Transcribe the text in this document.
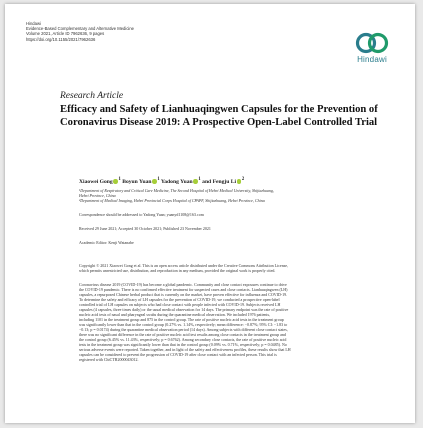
Hindawi
Evidence-Based Complementary and Alternative Medicine
Volume 2021, Article ID 7962636, 9 pages
https://doi.org/10.1155/2021/7962636
Hindawi
Research Article
Efficacy and Safety of Lianhuaqingwen Capsules for the Prevention of Coronavirus Disease 2019: A Prospective Open-Label Controlled Trial
Xiaowei Gong $^1$ Boyun Yuan $^1$ Yadong Yuan $^1$ and Fengju Li $^2$
¹Department of Respiratory and Critical Care Medicine, The Second Hospital of Hebei Medical University, Shijiazhuang,
Hebei Province, China
²Department of Medical Imaging, Hebei Provincial Corps Hospital of CPAPF, Shijiazhuang, Hebei Province, China
Correspondence should be addressed to Yadong Yuan; yuanyd1108@163.com
Received 29 June 2021; Accepted 30 October 2021; Published 23 November 2021
Academic Editor: Kenji Watanabe
Copyright © 2021 Xiaowei Gong et al. This is an open access article distributed under the Creative Commons Attribution License,
which permits unrestricted use, distribution, and reproduction in any medium, provided the original work is properly cited.
Coronavirus disease 2019 (COVID-19) has become a global pandemic. Community and close contact exposures continue to drive
the COVID-19 pandemic. There is no confirmed effective treatment for suspected cases and close contacts. Lianhuaqingwen (LH)
capsules, a repurposed Chinese herbal product that is currently on the market, have proven effective for influenza and COVID-19.
To determine the safety and efficacy of LH capsules for the prevention of COVID-19, we conducted a prospective open-label
controlled trial of LH capsules on subjects who had close contact with people infected with COVID-19. Subjects received LH
capsules (4 capsules, three times daily) or the usual medical observation for 14 days. The primary endpoint was the rate of positive
nucleic acid tests of nasal and pharyngeal swabs during the quarantine medical observation. We included 1976 patients,
including 1101 in the treatment group and 875 in the control group. The rate of positive nucleic acid tests in the treatment group
was significantly lower than that in the control group (0.27% vs. 1.14%, respectively; mean difference: −0.87%; 95% CI: −1.83 to
−0.13; p = 0.0174) during the quarantine medical observation period (14 days). Among subjects with different close contact states,
there was no significant difference in the rate of positive nucleic acid test results among close contacts in the treatment group and
the control group (6.45% vs. 11.43%, respectively; p = 0.6762). Among secondary close contacts, the rate of positive nucleic acid
tests in the treatment group was significantly lower than that in the control group (0.09% vs. 0.71%, respectively; p = 0.0485). No
serious adverse events were reported. Taken together, and in light of the safety and effectiveness profiles, these results show that LH
capsules can be considered to prevent the progression of COVID-19 after close contact with an infected person. This trial is
registered with ChiCTR2000043012.
